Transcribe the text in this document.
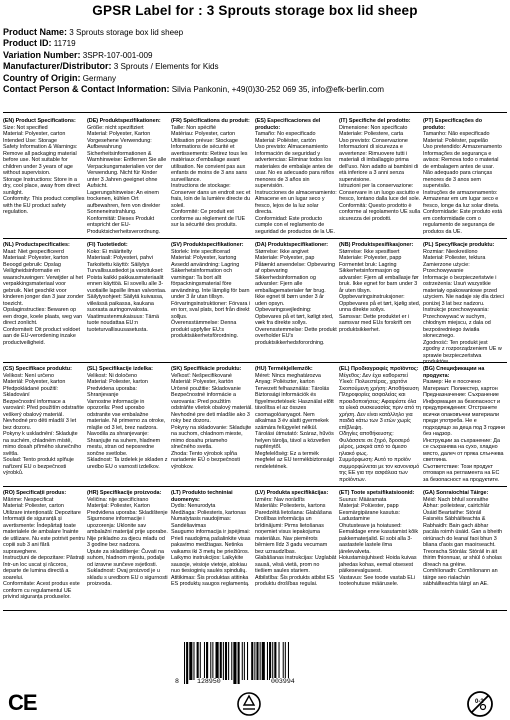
GPSR Label for : 3 Sprouts storage box lid sheep
Product Name: 3 Sprouts storage box lid sheep
Product ID: 11719
Variation Number: 3SPR-107-001-009
Manufacturer/Distributor: 3 Sprouts / Elements for Kids
Country of Origin: Germany
Contact Person & Contact Information: Silvia Pankonin, +49(0)30-252 069 35, info@efk-berlin.com
(EN) Product Specifications:
Size: Not specified
Material: Polyester, carton
Intended Use: Storage
Safety Information & Warnings: Remove all packaging material before use. Not suitable for children under 3 years of age without supervision.
Storage Instructions: Store in a dry, cool place, away from direct sunlight.
Conformity: This product complies with the EU product safety regulation.
(DE) Produktspezifikationen:
Größe: nicht spezifiziert
Material: Polyester, Karton
Vorgesehene Verwendung: Aufbewahrung
Sicherheitsinformationen & Warnhinweise: Entfernen Sie alle Verpackungsmaterialien vor der Verwendung. Nicht für Kinder unter 3 Jahren geeignet ohne Aufsicht.
Lagerungshinweise: An einem trockenen, kühlen Ort aufbewahren, fern von direkter Sonneneinstrahlung.
Konformität: Dieses Produkt entspricht der EU-Produktsicherheitsverordnung.
(FR) Spécifications du produit:
Taille: Non spécifié
Matériau: Polyester, carton
Utilisation prévue: Stockage
Informations de sécurité et avertissements: Retirez tous les matériaux d'emballage avant utilisation. Ne convient pas aux enfants de moins de 3 ans sans surveillance.
Instructions de stockage: Conserver dans un endroit sec et frais, loin de la lumière directe du soleil.
Conformité: Ce produit est conforme au règlement de l'UE sur la sécurité des produits.
(ES) Especificaciones del producto:
Tamaño: No especificado
Material: Poliéster, cartón
Uso previsto: Almacenamiento
Información de seguridad y advertencias: Eliminar todos los materiales de embalaje antes de usar. No es adecuado para niños menores de 3 años sin supervisión.
Instrucciones de almacenamiento: Almacene en un lugar seco y fresco, lejos de la luz solar directa.
Conformidad: Este producto cumple con el reglamento de seguridad de productos de la UE.
(IT) Specifiche del prodotto:
Dimensione: Non specificato
Materiale: Poliestere, carta
Uso previsto: Conservazione
Informazioni di sicurezza e avvertenze: Rimuovere tutti i materiali di imballaggio prima dell'uso. Non adatto ai bambini di età inferiore a 3 anni senza supervisione.
Istruzioni per la conservazione: Conservare in un luogo asciutto e fresco, lontano dalla luce del sole.
Conformità: Questo prodotto è conforme al regolamento UE sulla sicurezza dei prodotti.
(PT) Especificações do produto:
Tamanho: Não especificado
Material: Poliéster, papelão
Uso pretendido: Armazenamento
Informações de segurança e avisos: Remova todo o material de embalagem antes de usar. Não adequado para crianças menores de 3 anos sem supervisão.
Instruções de armazenamento: Armazenar em um lugar seco e fresco, longe da luz solar direta.
Conformidade: Este produto está em conformidade com o regulamento de segurança de produtos da UE.
(NL) Productspecificaties:
Maat: Niet gespecificeerd
Materiaal: Polyester, karton
Beoogd gebruik: Opslag
Veiligheidsinformatie en waarschuwingen: Verwijder al het verpakkingsmateriaal voor gebruik. Niet geschikt voor kinderen jonger dan 3 jaar zonder toezicht.
Opslaginstructies: Bewaren op een droge, koele plaats, weg van direct zonlicht.
Conformiteit: Dit product voldoet aan de EU-verordening inzake productveiligheid.
(FI) Tuotetiedot:
Koko: Ei määritelty
Materiaali: Polyesteri, pahvi
Tarkoitettu käyttö: Säilytys
Turvallisuustiedot ja varoitukset: Poista kaikki pakkausmateriaalit ennen käyttöä. Ei sovellu alle 3-vuotiaille lapsille ilman valvontaa.
Säilytysohjeet: Säilytä kuivassa, viileässä paikassa, kaukana suorasta auringonvalosta.
Vaatimustenmukaisuus: Tämä tuote noudattaa EU:n tuoteturvallisuusasetusta.
(SV) Produktspecifikationer:
Storlek: Inte specificerad
Material: Polyester, kartong
Avsedd användning: Lagring
Säkerhetsinformation och varningar: Ta bort allt förpackningsmaterial före användning. Inte lämplig för barn under 3 år utan tillsyn.
Förvaringsinstruktioner: Förvara i en torr, sval plats, bort från direkt solljus.
Överensstämmelse: Denna produkt uppfyller EU:s produktsäkerhetsförordning.
(DA) Produktspecifikationer:
Størrelse: Ikke angivet
Materiale: Polyester, pap
Påtænkt anvendelse: Opbevaring af opbevaring
Sikkerhedsinformation og advarsler: Fjern alle emballagematerialer før brug. Ikke egnet til børn under 3 år uden opsyn.
Opbevaringsvejledning: Opbevares på et tørt, køligt sted, væk fra direkte sollys.
Overensstemmelse: Dette produkt overholder EU's produktsikkerhedsforordning.
(NB) Produktspesifikasjoner:
Størrelse: Ikke spesifisert
Materiale: Polyester, papp
Formentet bruk: Lagring
Sikkerhetsinformasjon og advarsler: Fjern all emballasje før bruk. Ikke egnet for barn under 3 år uten tilsyn.
Oppbevaringsinstruksjoner: Oppbevares på et tørt, kjølig sted, unna direkte sollys.
Samsvar: Dette produktet er i samsvar med EUs forskrift om produktsikkerhet.
(PL) Specyfikacje produktu:
Rozmiar: Nieokreślono
Materiał: Poliester, tektura
Zamierzone użycie: Przechowywanie
Informacje o bezpieczeństwie i ostrzeżenia: Usuń wszystkie materiały opakowaniowe przed użyciem. Nie nadaje się dla dzieci poniżej 3 lat bez nadzoru.
Instrukcje przechowywania: Przechowywać w suchym, chłodnym miejscu, z dala od bezpośredniego światła słonecznego.
Zgodność: Ten produkt jest zgodny z rozporządzeniem UE w sprawie bezpieczeństwa produktów.
(CS) Specifikace produktu:
Velikost: Není určeno
Materiál: Polyester, karton
Předpokládané použití: Skladování
Bezpečnostní informace a varování: Před použitím odstraňte veškerý obalový materiál. Nevhodné pro děti mladší 3 let bez dozoru.
Pokyny k uskladnění: Skladujte na suchém, chladném místě, mimo dosah přímého slunečního světla.
Soulad: Tento produkt splňuje nařízení EU o bezpečnosti výrobků.
(SL) Specifikacije izdelka:
Velikost: Ni določeno
Material: Poliester, karton
Predvidena uporaba: Shranjevanje
Varnostne informacije in opozorila: Pred uporabo odstranite vse embalažne materiale. Ni primerno za otroke, mlajše od 3 let, brez nadzora.
Navodila za shranjevanje: Shranjujte na suhem, hladnem mestu, stran od neposredne sončne svetlobe.
Skladnost: Ta izdelek je skladen z uredbo EU o varnosti izdelkov.
(SK) Špecifikácie produktu:
Veľkosť: Nešpecifikované
Materiál: Polyester, kartón
Určené použitie: Skladovanie
Bezpečnostné informácie a varovania: Pred použitím odstráňte všetok obalový materiál. Nevhodné pre deti mladšie ako 3 roky bez dozoru.
Pokyny na skladovanie: Skladujte na suchom, chladnom mieste, mimo dosahu priameho slnečného svetla.
Zhoda: Tento výrobok spĺňa nariadenie EÚ o bezpečnosti výrobkov.
(HU) Termékjellemzők:
Méret: Nincs meghatározva
Anyag: Poliészter, karton
Tervezett felhasználás: Tárolás
Biztonsági információk és figyelmeztetések: Használat előtt távolítsa el az összes csomagolóanyagot. Nem alkalmas 3 év alatti gyermekek számára felügyelet nélkül.
Tárolási útmutató: Száraz, hűvös helyen tárolja, távol a közvetlen napfénytől.
Megfelelőség: Ez a termék megfelel az EU termékbiztonsági rendeletének.
(EL) Προδιαγραφές προϊόντος:
Μέγεθος: Δεν έχει καθοριστεί
Υλικό: Πολυεστέρας, χαρτόνι
Σκοπούμενη χρήση: Αποθήκευση
Πληροφορίες ασφαλείας και προειδοποιήσεις: Αφαιρέστε όλα τα υλικά συσκευασίας πριν από τη χρήση. Δεν είναι κατάλληλο για παιδιά κάτω των 3 ετών χωρίς επίβλεψη.
Οδηγίες αποθήκευσης: Φυλάσσετε σε ξηρό, δροσερό μέρος, μακριά από το άμεσο ηλιακό φως.
Συμμόρφωση: Αυτό το προϊόν συμμορφώνεται με τον κανονισμό της ΕΕ για την ασφάλεια των προϊόντων.
(BG) Спецификации на продукта:
Размер: Не е посочено
Материал: Полиестер, картон
Предназначение: Съхранение
Информация за безопасност и предупреждения: Отстранете всички опаковъчни материали преди употреба. Не е подходящо за деца под 3 години без надзор.
Инструкции за съхранение: Да се съхранява на сухо, хладно място, далеч от пряка слънчева светлина.
Съответствие: Този продукт отговаря на регламента на ЕС за безопасност на продуктите.
(RO) Specificații produs:
Mărime: Nespecificat
Material: Poliester, carton
Utilizare intenționată: Depozitare
Informații de siguranță și avertismente: Îndepărtați toate materialele de ambalare înainte de utilizare. Nu este potrivit pentru copiii sub 3 ani fără supraveghere.
Instrucțiuni de depozitare: Păstrați într-un loc uscat și răcoros, departe de lumina directă a soarelui.
Conformitate: Acest produs este conform cu regulamentul UE privind siguranța produselor.
(HR) Specifikacije proizvoda:
Veličina: nije specificirano
Materijal: Poliester, Karton
Predviđena uporaba: Skladištenje
Sigurnosne informacije i upozorenja: Uklonite sav ambalažni materijal prije uporabe. Nije prikladno za djecu mlađu od 3 godine bez nadzora.
Upute za skladištenje: Čuvati na suhom, hladnom mjestu, podalje od izravne sunčeve svjetlosti.
Sukladnost: Ovaj proizvod je u skladu s uredbom EU o sigurnosti proizvoda.
(LT) Produkto techniniai duomenys:
Dydis: Nenurodyta
Medžiaga: Poliesteris, kartonas
Numatytasis naudojimas: Sandėliavimas
Saugumo informacija ir įspėjimai: Prieš naudojimą pašalinkite visas pakavimo medžiagas. Netinka vaikams iki 3 metų be priežiūros.
Laikymo instrukcijos: Laikykite sausoje, vėsioje vietoje, atokiau nuo tiesioginių saulės spindulių.
Atitikimas: Šis produktas atitinka ES produktų saugos reglamentą.
(LV) Produkta specifikācijas:
Izmērs: Nav norādīts
Materiāls: Poliesteris, kartons
Paredzētā lietošana: Glabāšana
Drošības informācija un brīdinājumi: Pirms lietošanas noņemiet visus iepakojuma materiālus. Nav piemērots bērniem līdz 3 gadu vecumam bez uzraudzības.
Glabāšanas instrukcijas: Uzglabāt sausā, vēsā vietā, prom no tiešiem saules stariem.
Atbilstība: Šis produkts atbilst ES produktu drošības regulai.
(ET) Toote spetsifikatsioonid:
Suurus: Määramata
Materjal: Polüester, papp
Eesmärgipärane kasutus: Ladustamine
Ohutusteave ja hoiatused: Eemaldage enne kasutamist kõik pakkematerjalid. Ei sobi alla 3-aastastele lastele ilma järelevalveta.
Hoiustamisjuhised: Hoida kuivas jahedas kohas, eemal otsesest päikesevalgusest.
Vastavus: See toode vastab ELi tooteohutuse määrusele.
(GA) Sonraíochtaí Táirge:
Méid: Nach bhfuil sonraithe
Ábhar: poileistear, cairtchlár
Úsáid Beartaithe: Stóráil
Faisnéis Sábháilteachta & Rabhaidh: Bain gach ábhar pacála roimh úsáid. Gan a bheith oiriúnach do leanaí faoi bhun 3 bliana d'aois gan maoirseacht.
Treoracha Stórála: Stóráil in áit thirim fhionnuar, ar shiúl ó sholas díreach na gréine.
Comhlíonadh: Comhlíonann an táirge seo rialachán sábháilteachta táirgí an AE.
8	128950	003994
CE	0-3
